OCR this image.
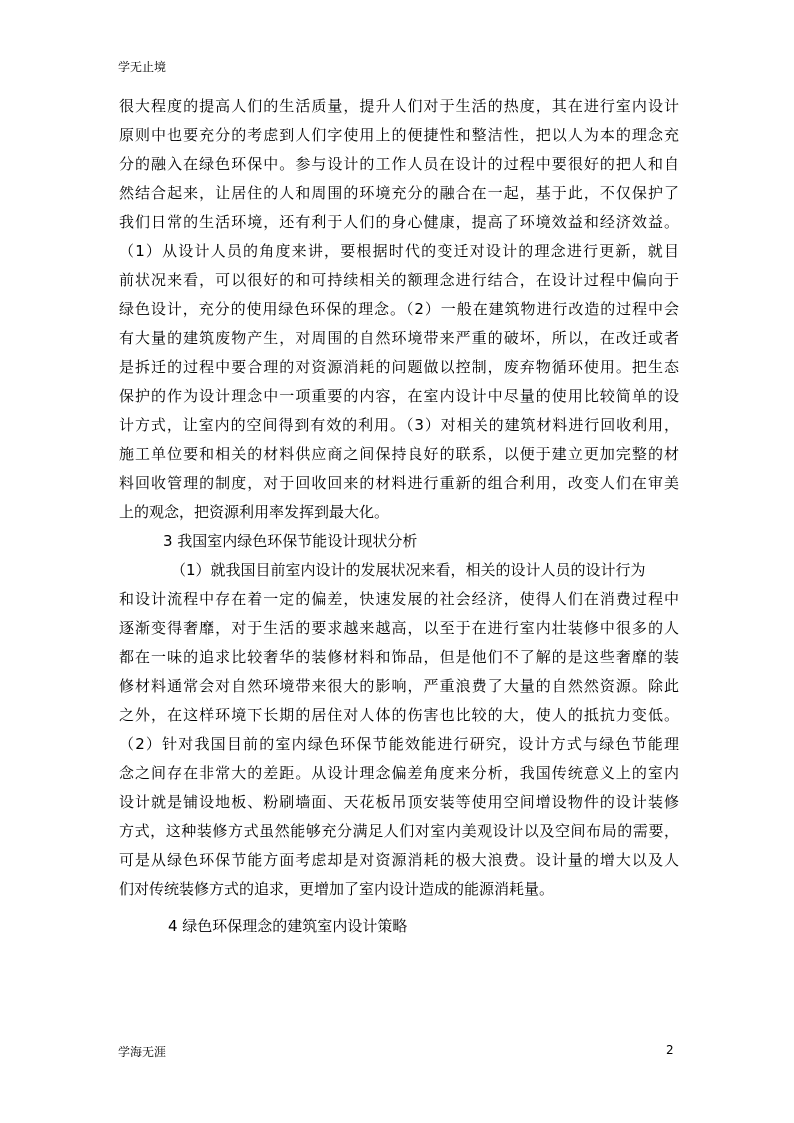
学无止境
很大程度的提高人们的生活质量，提升人们对于生活的热度，其在进行室内设计
原则中也要充分的考虑到人们字使用上的便捷性和整洁性，把以人为本的理念充
分的融入在绿色环保中。参与设计的工作人员在设计的过程中要很好的把人和自
然结合起来，让居住的人和周围的环境充分的融合在一起，基于此，不仅保护了
我们日常的生活环境，还有利于人们的身心健康，提高了环境效益和经济效益。
（1）从设计人员的角度来讲，要根据时代的变迁对设计的理念进行更新，就目
前状况来看，可以很好的和可持续相关的额理念进行结合，在设计过程中偏向于
绿色设计，充分的使用绿色环保的理念。（2）一般在建筑物进行改造的过程中会
有大量的建筑废物产生，对周围的自然环境带来严重的破坏，所以，在改迁或者
是拆迁的过程中要合理的对资源消耗的问题做以控制，废弃物循环使用。把生态
保护的作为设计理念中一项重要的内容，在室内设计中尽量的使用比较简单的设
计方式，让室内的空间得到有效的利用。（3）对相关的建筑材料进行回收利用，
施工单位要和相关的材料供应商之间保持良好的联系，以便于建立更加完整的材
料回收管理的制度，对于回收回来的材料进行重新的组合利用，改变人们在审美
上的观念，把资源利用率发挥到最大化。
3 我国室内绿色环保节能设计现状分析
（1）就我国目前室内设计的发展状况来看，相关的设计人员的设计行为
和设计流程中存在着一定的偏差，快速发展的社会经济，使得人们在消费过程中
逐渐变得奢靡，对于生活的要求越来越高，以至于在进行室内壮装修中很多的人
都在一味的追求比较奢华的装修材料和饰品，但是他们不了解的是这些奢靡的装
修材料通常会对自然环境带来很大的影响，严重浪费了大量的自然然资源。除此
之外，在这样环境下长期的居住对人体的伤害也比较的大，使人的抵抗力变低。
（2）针对我国目前的室内绿色环保节能效能进行研究，设计方式与绿色节能理
念之间存在非常大的差距。从设计理念偏差角度来分析，我国传统意义上的室内
设计就是铺设地板、粉刷墙面、天花板吊顶安装等使用空间增设物件的设计装修
方式，这种装修方式虽然能够充分满足人们对室内美观设计以及空间布局的需要，
可是从绿色环保节能方面考虑却是对资源消耗的极大浪费。设计量的增大以及人
们对传统装修方式的追求，更增加了室内设计造成的能源消耗量。
4 绿色环保理念的建筑室内设计策略
学海无涯	2
